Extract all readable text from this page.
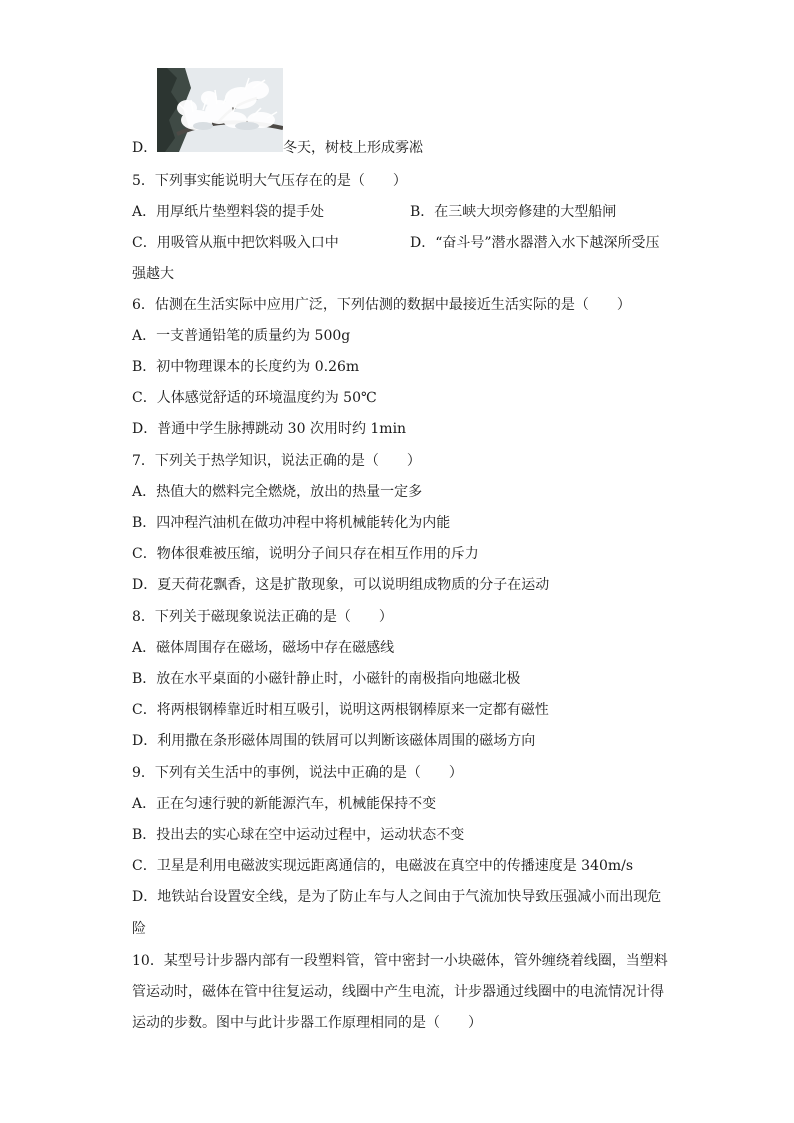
D．	冬天，树枝上形成雾凇
5．下列事实能说明大气压存在的是（　　）
A．用厚纸片垫塑料袋的提手处	B．在三峡大坝旁修建的大型船闸
C．用吸管从瓶中把饮料吸入口中	D．“奋斗号”潜水器潜入水下越深所受压
强越大
6．估测在生活实际中应用广泛，下列估测的数据中最接近生活实际的是（　　）
A．一支普通铅笔的质量约为 500g
B．初中物理课本的长度约为 0.26m
C．人体感觉舒适的环境温度约为 50℃
D．普通中学生脉搏跳动 30 次用时约 1min
7．下列关于热学知识，说法正确的是（　　）
A．热值大的燃料完全燃烧，放出的热量一定多
B．四冲程汽油机在做功冲程中将机械能转化为内能
C．物体很难被压缩，说明分子间只存在相互作用的斥力
D．夏天荷花飘香，这是扩散现象，可以说明组成物质的分子在运动
8．下列关于磁现象说法正确的是（　　）
A．磁体周围存在磁场，磁场中存在磁感线
B．放在水平桌面的小磁针静止时，小磁针的南极指向地磁北极
C．将两根钢棒靠近时相互吸引，说明这两根钢棒原来一定都有磁性
D．利用撒在条形磁体周围的铁屑可以判断该磁体周围的磁场方向
9．下列有关生活中的事例，说法中正确的是（　　）
A．正在匀速行驶的新能源汽车，机械能保持不变
B．投出去的实心球在空中运动过程中，运动状态不变
C．卫星是利用电磁波实现远距离通信的，电磁波在真空中的传播速度是 340m/s
D．地铁站台设置安全线，是为了防止车与人之间由于气流加快导致压强减小而出现危
险
10．某型号计步器内部有一段塑料管，管中密封一小块磁体，管外缠绕着线圈，当塑料
管运动时，磁体在管中往复运动，线圈中产生电流，计步器通过线圈中的电流情况计得
运动的步数。图中与此计步器工作原理相同的是（　　）
